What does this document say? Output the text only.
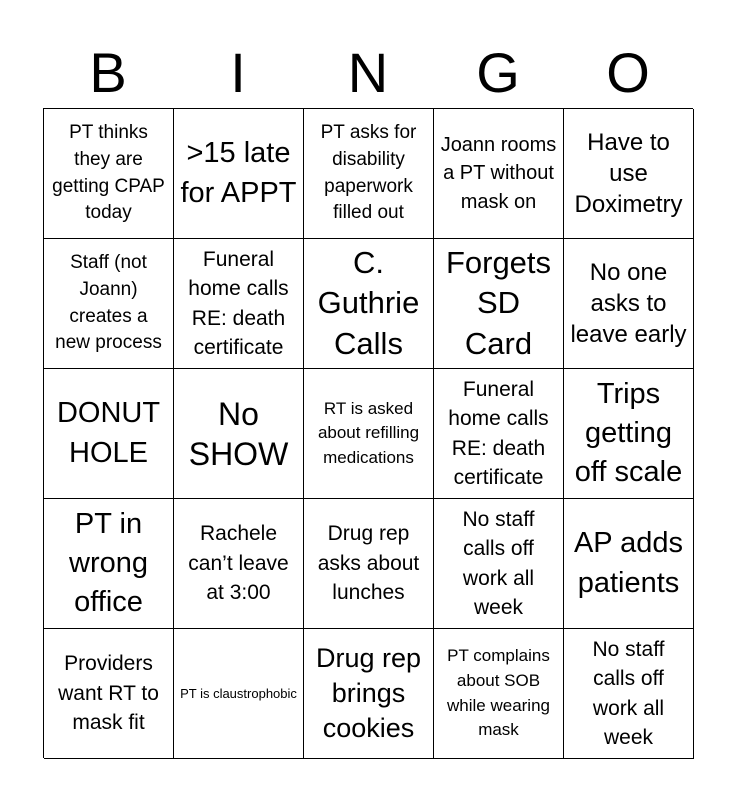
B	I	N	G	O
PT thinks they are getting CPAP today
>15 late for APPT
PT asks for disability paperwork filled out
Joann rooms a PT without mask on
Have to use Doximetry
Staff (not Joann) creates a new process
Funeral home calls RE: death certificate
C. Guthrie Calls
Forgets SD Card
No one asks to leave early
DONUT HOLE
No SHOW
RT is asked about refilling medications
Funeral home calls RE: death certificate
Trips getting off scale
PT in wrong office
Rachele can’t leave at 3:00
Drug rep asks about lunches
No staff calls off work all week
AP adds patients
Providers want RT to mask fit
PT is claustrophobic
Drug rep brings cookies
PT complains about SOB while wearing mask
No staff calls off work all week
